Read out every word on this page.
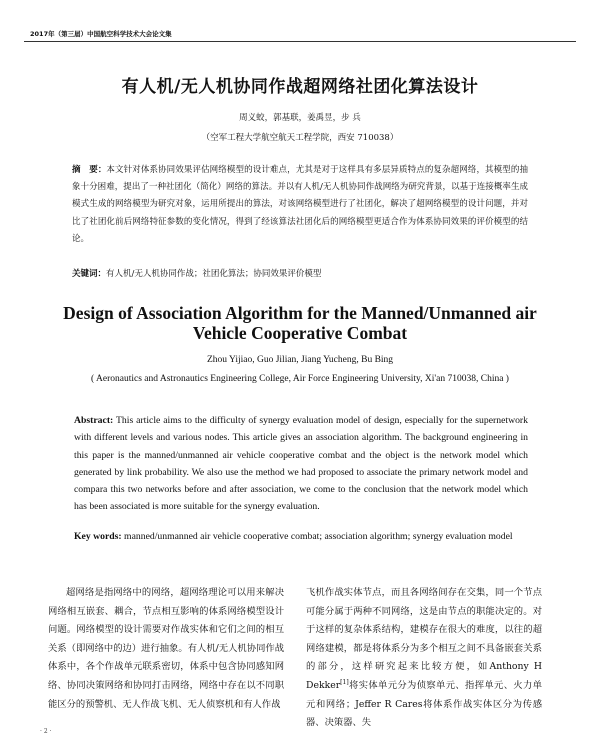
2017年（第三届）中国航空科学技术大会论文集
有人机/无人机协同作战超网络社团化算法设计
周义蛟，郭基联，姜禹昱，步 兵
（空军工程大学航空航天工程学院，西安 710038）
摘　要：本文针对体系协同效果评估网络模型的设计难点，尤其是对于这样具有多层异质特点的复杂超网络，其模型的抽象十分困难，提出了一种社团化（简化）网络的算法。并以有人机/无人机协同作战网络为研究背景，以基于连接概率生成模式生成的网络模型为研究对象，运用所提出的算法，对该网络模型进行了社团化，解决了超网络模型的设计问题，并对比了社团化前后网络特征参数的变化情况，得到了经该算法社团化后的网络模型更适合作为体系协同效果的评价模型的结论。
关键词：有人机/无人机协同作战；社团化算法；协同效果评价模型
Design of Association Algorithm for the Manned/Unmanned air
Vehicle Cooperative Combat
Zhou Yijiao, Guo Jilian, Jiang Yucheng, Bu Bing
( Aeronautics and Astronautics Engineering College, Air Force Engineering University, Xi'an 710038, China )
Abstract: This article aims to the difficulty of synergy evaluation model of design, especially for the supernetwork with different levels and various nodes. This article gives an association algorithm. The background engineering in this paper is the manned/unmanned air vehicle cooperative combat and the object is the network model which generated by link probability. We also use the method we had proposed to associate the primary network model and compara this two networks before and after association, we come to the conclusion that the network model which has been associated is more suitable for the synergy evaluation.
Key words: manned/unmanned air vehicle cooperative combat; association algorithm; synergy evaluation model
超网络是指网络中的网络，超网络理论可以用来解决网络相互嵌套、耦合，节点相互影响的体系网络模型设计问题。网络模型的设计需要对作战实体和它们之间的相互关系（即网络中的边）进行抽象。有人机/无人机协同作战体系中，各个作战单元联系密切，体系中包含协同感知网络、协同决策网络和协同打击网络，网络中存在以不同职能区分的预警机、无人作战飞机、无人侦察机和有人作战
飞机作战实体节点，而且各网络间存在交集，同一个节点可能分属于两种不同网络，这是由节点的职能决定的。对于这样的复杂体系结构，建模存在很大的难度，以往的超网络建模，都是将体系分为多个相互之间不具备嵌套关系的部分，这样研究起来比较方便，如Anthony H Dekker[1]将实体单元分为侦察单元、指挥单元、火力单元和网络；Jeffer R Cares将体系作战实体区分为传感器、决策器、失
· 2 ·
